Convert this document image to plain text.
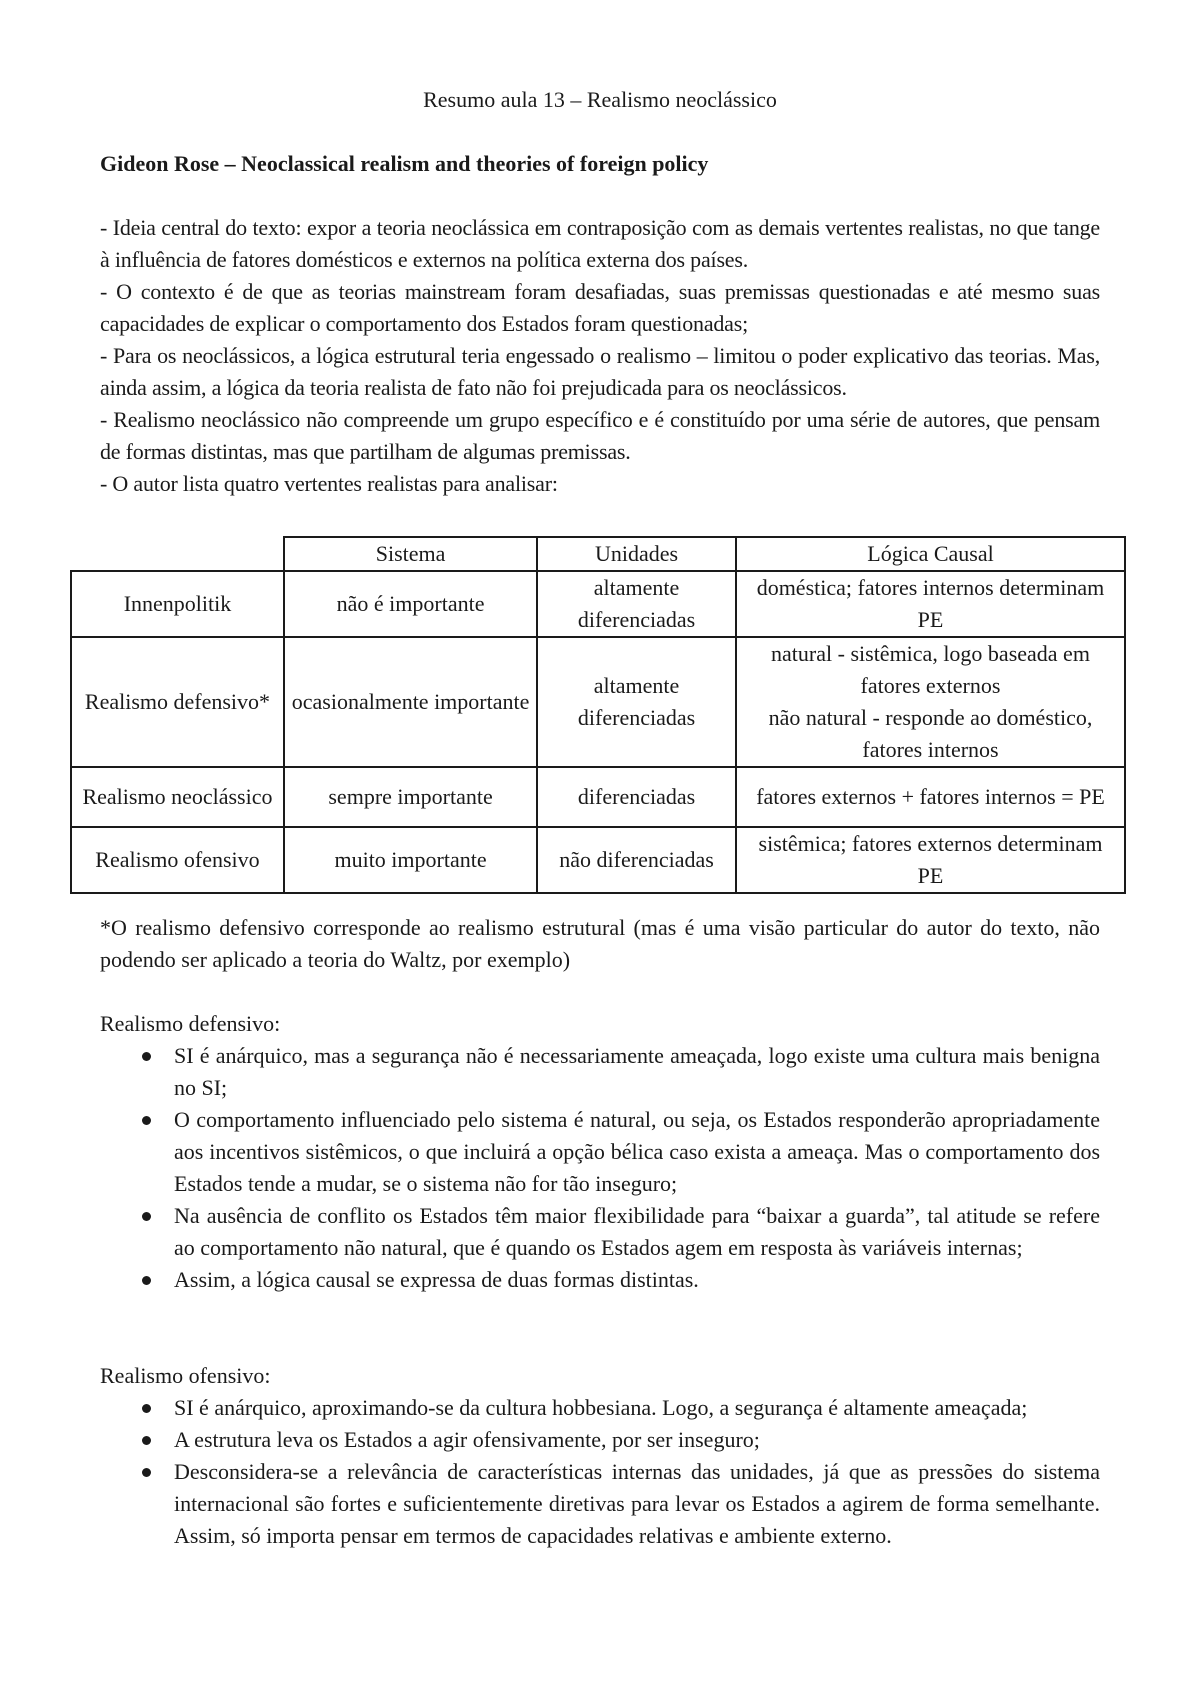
Resumo aula 13 – Realismo neoclássico
Gideon Rose – Neoclassical realism and theories of foreign policy

- Ideia central do texto: expor a teoria neoclássica em contraposição com as demais vertentes realistas, no que tange à influência de fatores domésticos e externos na política externa dos países.

- O contexto é de que as teorias mainstream foram desafiadas, suas premissas questionadas e até mesmo suas capacidades de explicar o comportamento dos Estados foram questionadas;

- Para os neoclássicos, a lógica estrutural teria engessado o realismo – limitou o poder explicativo das teorias. Mas, ainda assim, a lógica da teoria realista de fato não foi prejudicada para os neoclássicos.

- Realismo neoclássico não compreende um grupo específico e é constituído por uma série de autores, que pensam de formas distintas, mas que partilham de algumas premissas.

- O autor lista quatro vertentes realistas para analisar:

	Sistema	Unidades	Lógica Causal
Innenpolitik	não é importante	altamente diferenciadas	doméstica; fatores internos determinam PE
Realismo defensivo*	ocasionalmente importante	altamente diferenciadas	natural - sistêmica, logo baseada em fatores externos
não natural - responde ao doméstico, fatores internos
Realismo neoclássico	sempre importante	diferenciadas	fatores externos + fatores internos = PE
Realismo ofensivo	muito importante	não diferenciadas	sistêmica; fatores externos determinam PE

*O realismo defensivo corresponde ao realismo estrutural (mas é uma visão particular do autor do texto, não podendo ser aplicado a teoria do Waltz, por exemplo)

Realismo defensivo:

SI é anárquico, mas a segurança não é necessariamente ameaçada, logo existe uma cultura mais benigna no SI;
O comportamento influenciado pelo sistema é natural, ou seja, os Estados responderão apropriadamente aos incentivos sistêmicos, o que incluirá a opção bélica caso exista a ameaça. Mas o comportamento dos Estados tende a mudar, se o sistema não for tão inseguro;
Na ausência de conflito os Estados têm maior flexibilidade para “baixar a guarda”, tal atitude se refere ao comportamento não natural, que é quando os Estados agem em resposta às variáveis internas;
Assim, a lógica causal se expressa de duas formas distintas.

Realismo ofensivo:

SI é anárquico, aproximando-se da cultura hobbesiana. Logo, a segurança é altamente ameaçada;
A estrutura leva os Estados a agir ofensivamente, por ser inseguro;
Desconsidera-se a relevância de características internas das unidades, já que as pressões do sistema internacional são fortes e suficientemente diretivas para levar os Estados a agirem de forma semelhante. Assim, só importa pensar em termos de capacidades relativas e ambiente externo.
